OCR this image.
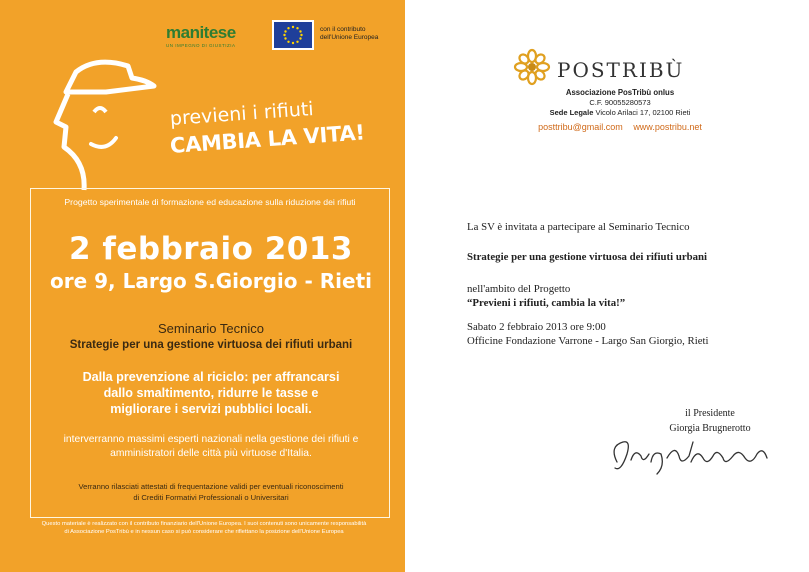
manitese
UN IMPEGNO DI GIUSTIZIA
con il contributo
dell'Unione Europea
previeni i rifiuti
CAMBIA LA VITA!
Progetto sperimentale di formazione ed educazione sulla riduzione dei rifiuti
2 febbraio 2013
ore 9, Largo S.Giorgio - Rieti
Seminario Tecnico
Strategie per una gestione virtuosa dei rifiuti urbani
Dalla prevenzione al riciclo: per affrancarsi
dallo smaltimento, ridurre le tasse e
migliorare i servizi pubblici locali.
interverranno massimi esperti nazionali nella gestione dei rifiuti e
amministratori delle città più virtuose d'Italia.
Verranno rilasciati attestati di frequentazione validi per eventuali riconoscimenti
di Crediti Formativi Professionali o Universitari
Questo materiale è realizzato con il contributo finanziario dell'Unione Europea. I suoi contenuti sono unicamente responsabilità
di Associazione PosTribù e in nessun caso si può considerare che riflettano la posizione dell'Unione Europea
POSTRIBÙ
Associazione PosTribù onlus
C.F. 90055280573
Sede Legale Vicolo Arilaci 17, 02100 Rieti
posttribu@gmail.com www.postribu.net

La SV è invitata a partecipare al Seminario Tecnico

Strategie per una gestione virtuosa dei rifiuti urbani

nell'ambito del Progetto

“Previeni i rifiuti, cambia la vita!”

Sabato 2 febbraio 2013 ore 9:00

Officine Fondazione Varrone - Largo San Giorgio, Rieti

il Presidente
Giorgia Brugnerotto
